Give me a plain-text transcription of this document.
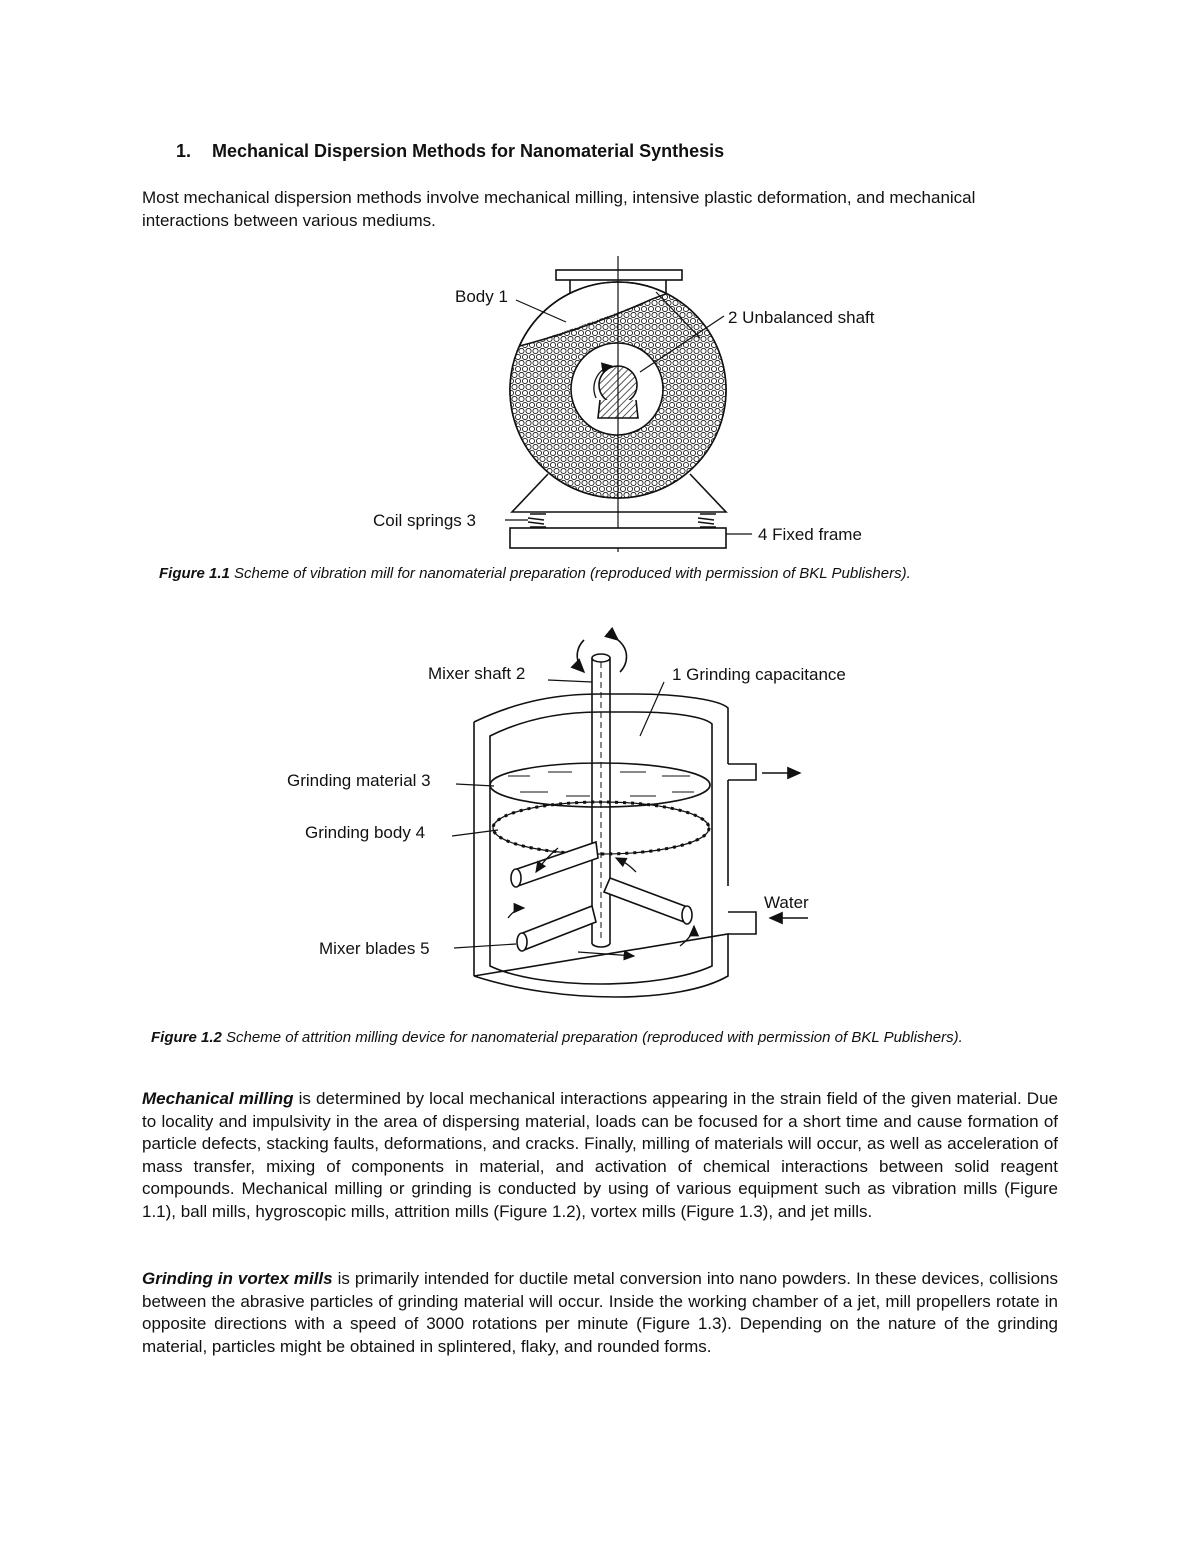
1. Mechanical Dispersion Methods for Nanomaterial Synthesis

Most mechanical dispersion methods involve mechanical milling, intensive plastic deformation, and mechanical interactions between various mediums.

Body 1
2 Unbalanced shaft
Coil springs 3
4 Fixed frame
Mixer shaft 2	1 Grinding capacitance
Grinding material 3
Grinding body 4
Water
Mixer blades 5

Figure 1.1 Scheme of vibration mill for nanomaterial preparation (reproduced with permission of BKL Publishers).

Figure 1.2 Scheme of attrition milling device for nanomaterial preparation (reproduced with permission of BKL Publishers).

Mechanical milling is determined by local mechanical interactions appearing in the strain field of the given material. Due to locality and impulsivity in the area of dispersing material, loads can be focused for a short time and cause formation of particle defects, stacking faults, deformations, and cracks. Finally, milling of materials will occur, as well as acceleration of mass transfer, mixing of components in material, and activation of chemical interactions between solid reagent compounds. Mechanical milling or grinding is conducted by using of various equipment such as vibration mills (Figure 1.1), ball mills, hygroscopic mills, attrition mills (Figure 1.2), vortex mills (Figure 1.3), and jet mills.

Grinding in vortex mills is primarily intended for ductile metal conversion into nano powders. In these devices, collisions between the abrasive particles of grinding material will occur. Inside the working chamber of a jet, mill propellers rotate in opposite directions with a speed of 3000 rotations per minute (Figure 1.3). Depending on the nature of the grinding material, particles might be obtained in splintered, flaky, and rounded forms.
